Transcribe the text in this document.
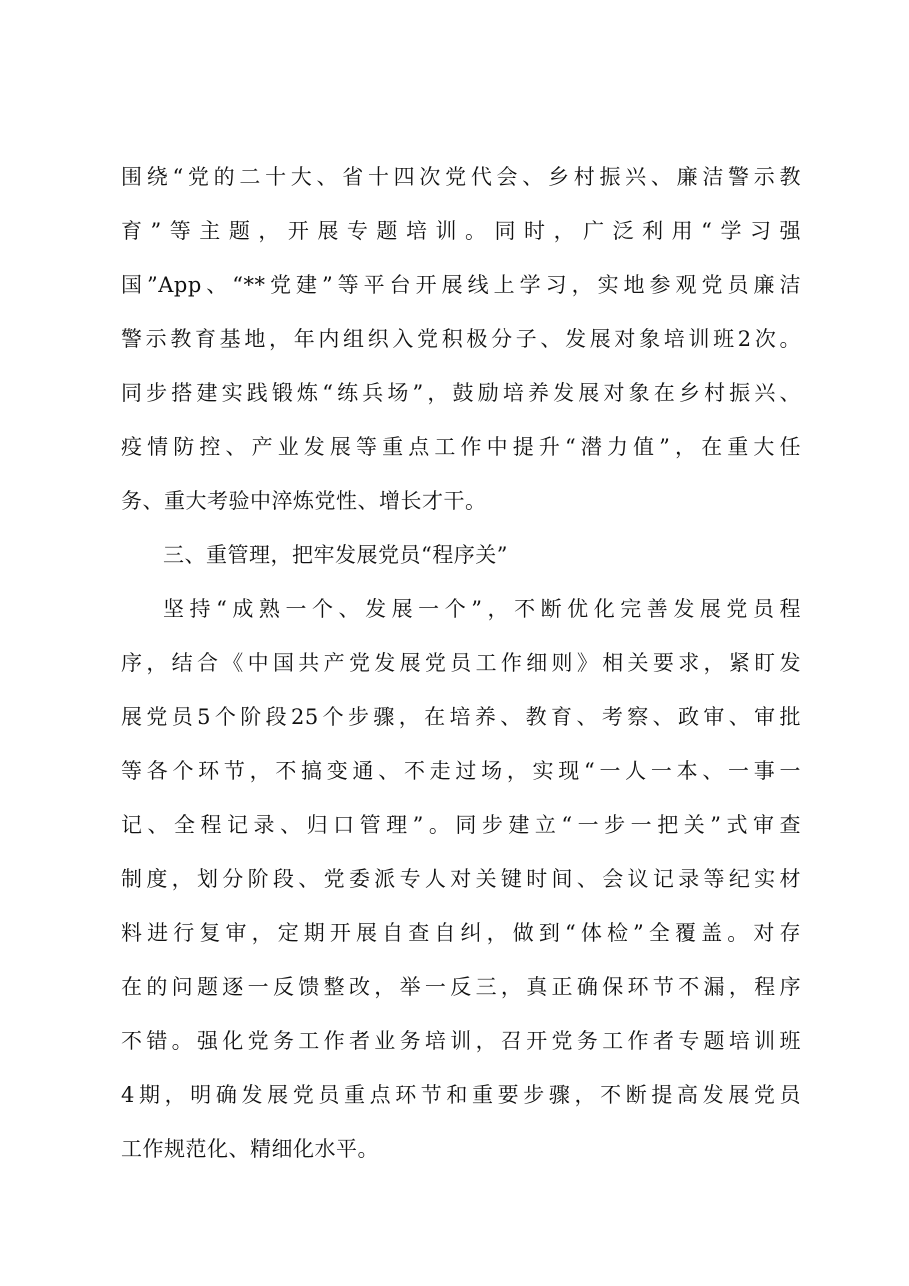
围绕“党的二十大、省十四次党代会、乡村振兴、廉洁警示教
育”等主题，开展专题培训。同时，广泛利用“学习强
国”App、“**党建”等平台开展线上学习，实地参观党员廉洁
警示教育基地，年内组织入党积极分子、发展对象培训班2次。
同步搭建实践锻炼“练兵场”，鼓励培养发展对象在乡村振兴、
疫情防控、产业发展等重点工作中提升“潜力值”，在重大任
务、重大考验中淬炼党性、增长才干。
三、重管理，把牢发展党员“程序关”
坚持“成熟一个、发展一个”，不断优化完善发展党员程
序，结合《中国共产党发展党员工作细则》相关要求，紧盯发
展党员5个阶段25个步骤，在培养、教育、考察、政审、审批
等各个环节，不搞变通、不走过场，实现“一人一本、一事一
记、全程记录、归口管理”。同步建立“一步一把关”式审查
制度，划分阶段、党委派专人对关键时间、会议记录等纪实材
料进行复审，定期开展自查自纠，做到“体检”全覆盖。对存
在的问题逐一反馈整改，举一反三，真正确保环节不漏，程序
不错。强化党务工作者业务培训，召开党务工作者专题培训班
4期，明确发展党员重点环节和重要步骤，不断提高发展党员
工作规范化、精细化水平。
